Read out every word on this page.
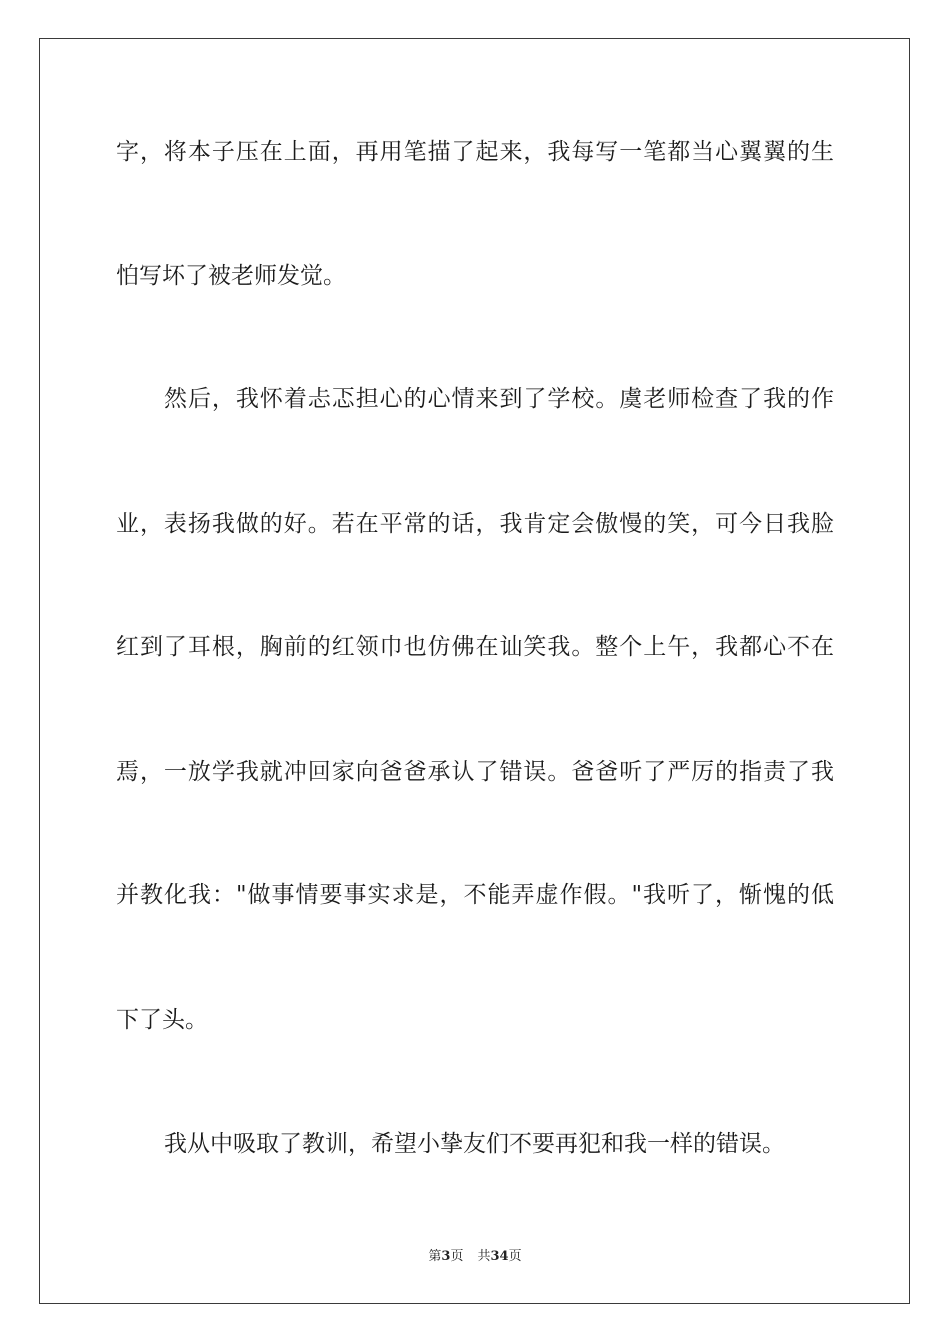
字，将本子压在上面，再用笔描了起来，我每写一笔都当心翼翼的生
怕写坏了被老师发觉。
然后，我怀着忐忑担心的心情来到了学校。虞老师检查了我的作
业，表扬我做的好。若在平常的话，我肯定会傲慢的笑，可今日我脸
红到了耳根，胸前的红领巾也仿佛在讪笑我。整个上午，我都心不在
焉，一放学我就冲回家向爸爸承认了错误。爸爸听了严厉的指责了我
并教化我："做事情要事实求是，不能弄虚作假。"我听了，惭愧的低
下了头。
我从中吸取了教训，希望小挚友们不要再犯和我一样的错误。
第3页 共34页
